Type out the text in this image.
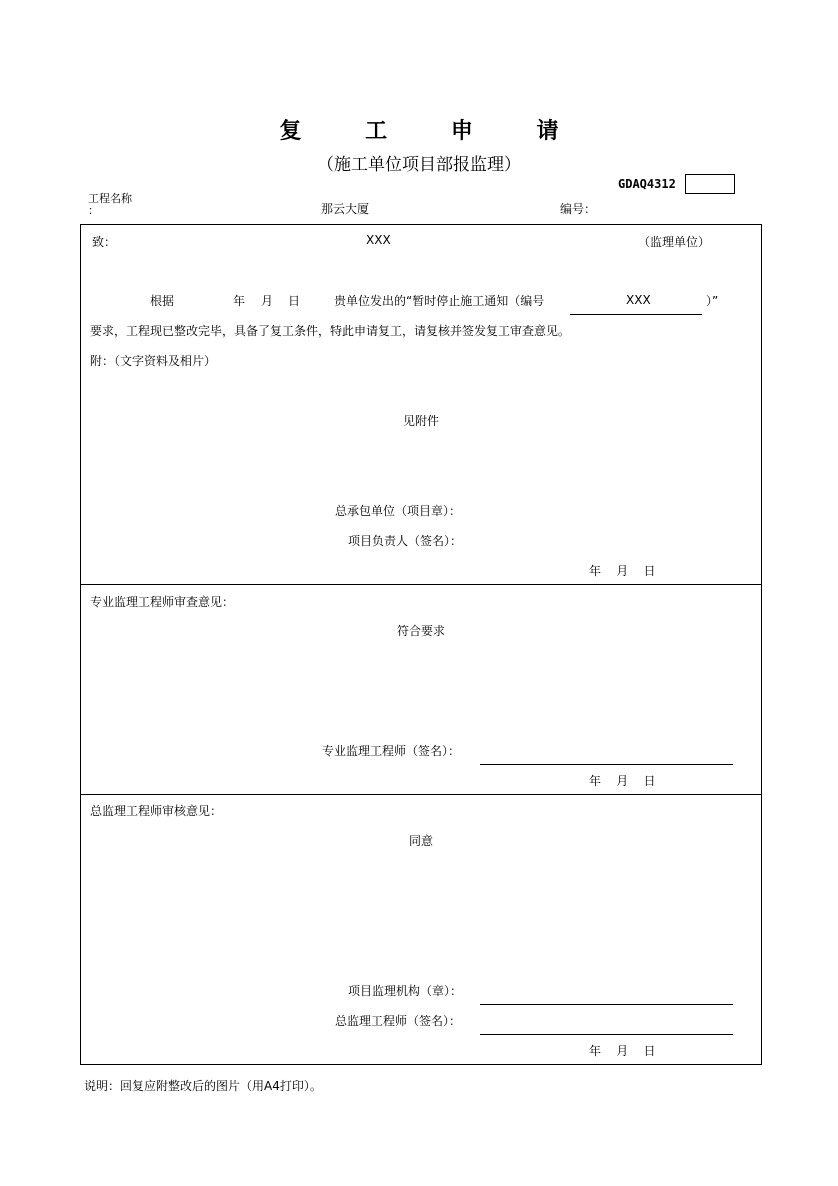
复 工 申 请
（施工单位项目部报监理）
GDAQ4312
工程名称
：	那云大厦	编号：
致：	XXX	（监理单位）
根据	年 月 日	贵单位发出的“暂时停止施工通知（编号	XXX	）”
要求，工程现已整改完毕，具备了复工条件，特此申请复工，请复核并签发复工审查意见。
附：（文字资料及相片）
见附件
总承包单位（项目章）：
项目负责人（签名）：
年    月    日
专业监理工程师审查意见：
符合要求
专业监理工程师（签名）：
年    月    日
总监理工程师审核意见：
同意
项目监理机构（章）：
总监理工程师（签名）：
年    月    日
说明：回复应附整改后的图片（用A4打印）。
